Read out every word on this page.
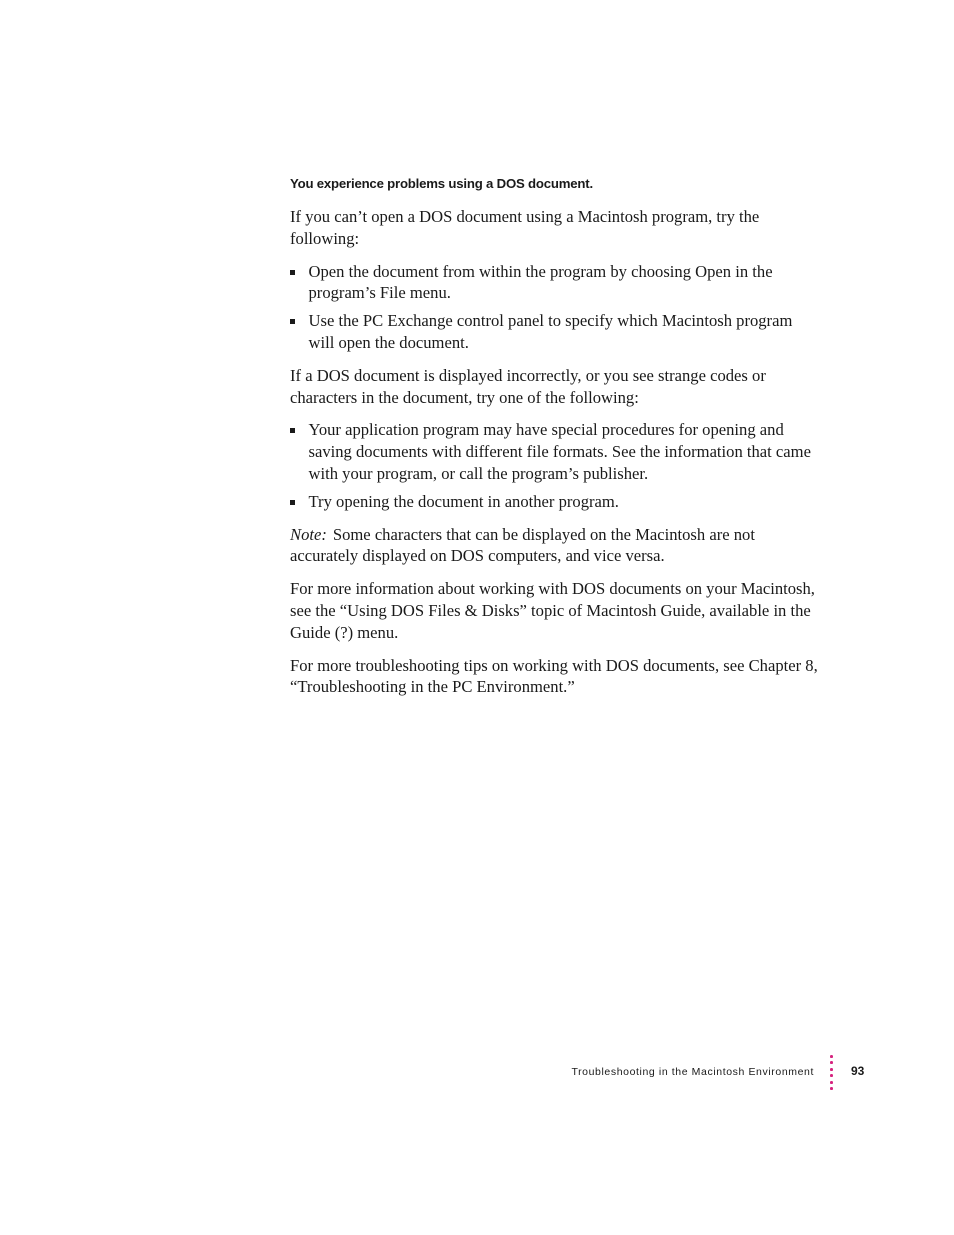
You experience problems using a DOS document.

If you can’t open a DOS document using a Macintosh program, try the following:

Open the document from within the program by choosing Open in the program’s File menu.
Use the PC Exchange control panel to specify which Macintosh program will open the document.

If a DOS document is displayed incorrectly, or you see strange codes or characters in the document, try one of the following:

Your application program may have special procedures for opening and saving documents with different file formats. See the information that came with your program, or call the program’s publisher.
Try opening the document in another program.

Note: Some characters that can be displayed on the Macintosh are not accurately displayed on DOS computers, and vice versa.

For more information about working with DOS documents on your Macintosh, see the “Using DOS Files & Disks” topic of Macintosh Guide, available in the Guide (?) menu.

For more troubleshooting tips on working with DOS documents, see Chapter 8, “Troubleshooting in the PC Environment.”

Troubleshooting in the Macintosh Environment	93
